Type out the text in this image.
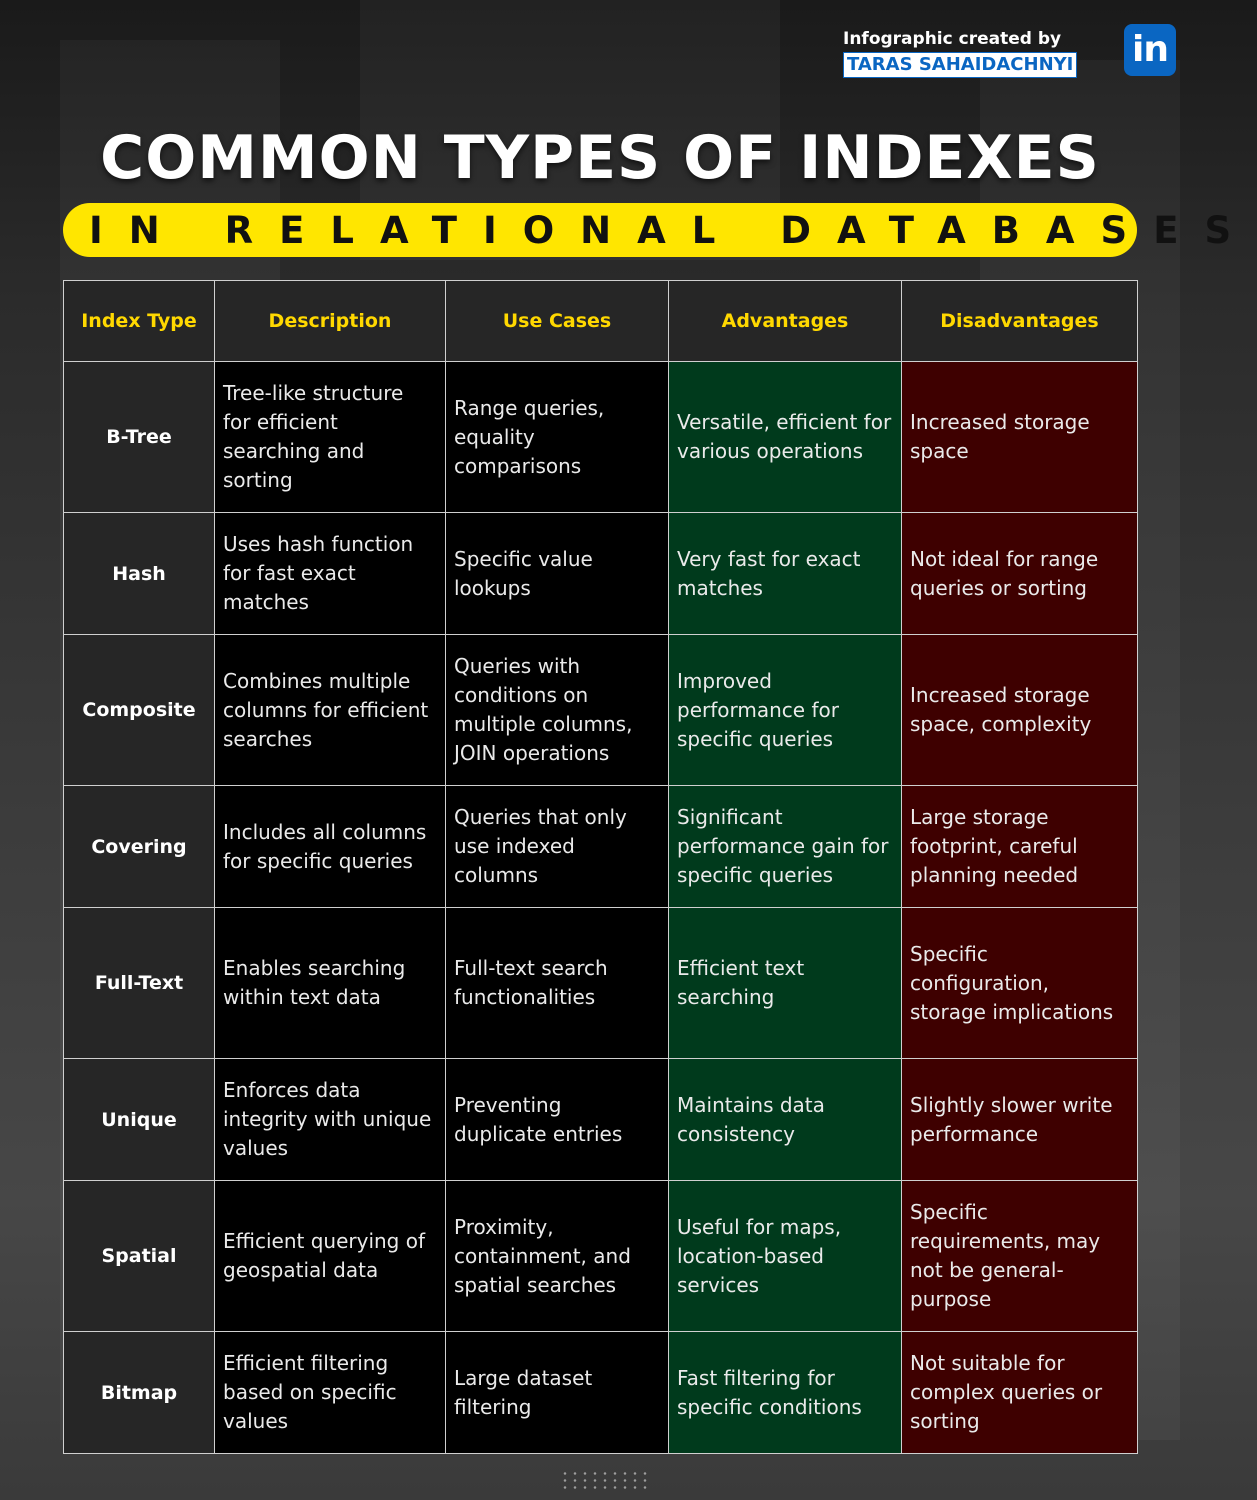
Infographic created by
TARAS SAHAIDACHNYI	in
COMMON TYPES OF INDEXES
IN RELATIONAL DATABASES
Index Type	Description	Use Cases	Advantages	Disadvantages
B-Tree	Tree-like structure for efficient searching and sorting	Range queries, equality comparisons	Versatile, efficient for various operations	Increased storage space
Hash	Uses hash function for fast exact matches	Specific value lookups	Very fast for exact matches	Not ideal for range queries or sorting
Composite	Combines multiple columns for efficient searches	Queries with conditions on multiple columns, JOIN operations	Improved performance for specific queries	Increased storage space, complexity
Covering	Includes all columns for specific queries	Queries that only use indexed columns	Significant performance gain for specific queries	Large storage footprint, careful planning needed
Full-Text	Enables searching within text data	Full-text search functionalities	Efficient text searching	Specific configuration, storage implications
Unique	Enforces data integrity with unique values	Preventing duplicate entries	Maintains data consistency	Slightly slower write performance
Spatial	Efficient querying of geospatial data	Proximity, containment, and spatial searches	Useful for maps, location-based services	Specific requirements, may not be general-purpose
Bitmap	Efficient filtering based on specific values	Large dataset filtering	Fast filtering for specific conditions	Not suitable for complex queries or sorting
